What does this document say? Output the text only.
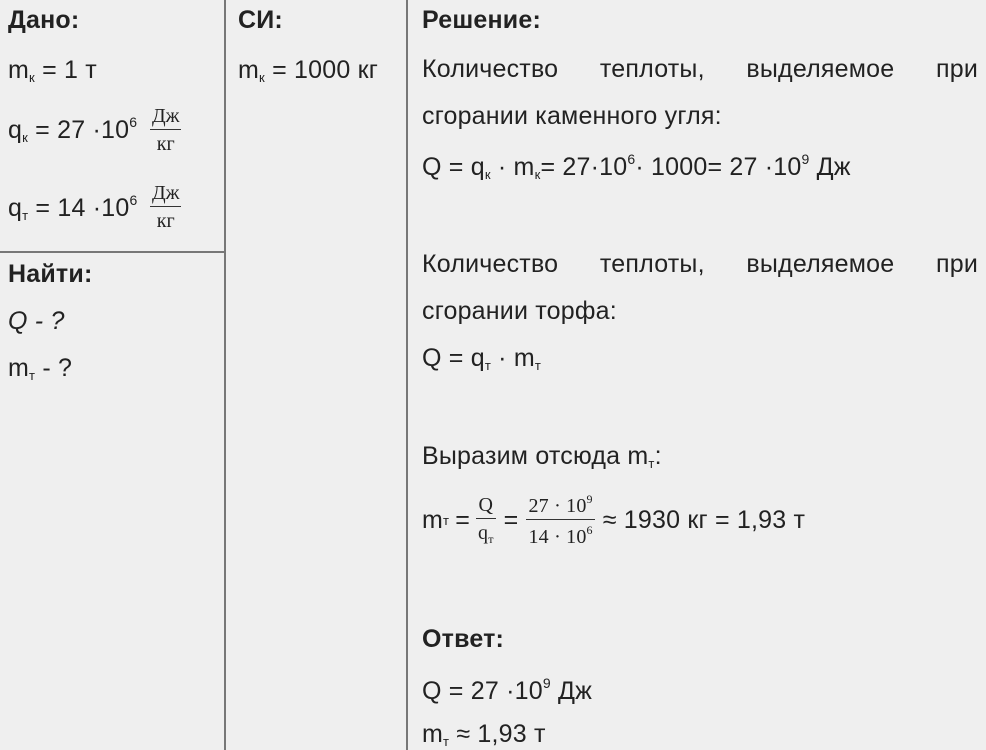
Дано:
$m_к = 1$ т
$q_к = 27 \cdot 10^6$ Дж
кг
$q_т = 14 \cdot 10^6$ Дж
кг
Найти:
Q - ?
$m_т$ - ?
СИ:
$m_к = 1000$ кг
Решение:
Количество теплоты, выделяемое при
сгорании каменного угля:
$Q = q_к \cdot m_к= 27\cdot 10^6\cdot 1000= 27 \cdot 10^9$ Дж
Количество теплоты, выделяемое при
сгорании торфа:
$Q = q_т \cdot m_т$
Выразим отсюда $m_т$:
m $т = \frac{Q}{q_т} = \frac{27 \cdot 10^9}{14 \cdot 10^6} \approx 1930$ кг = 1,93 т
Ответ:
$Q = 27 \cdot 10^9$ Дж
$m_т \approx 1,93$ т
